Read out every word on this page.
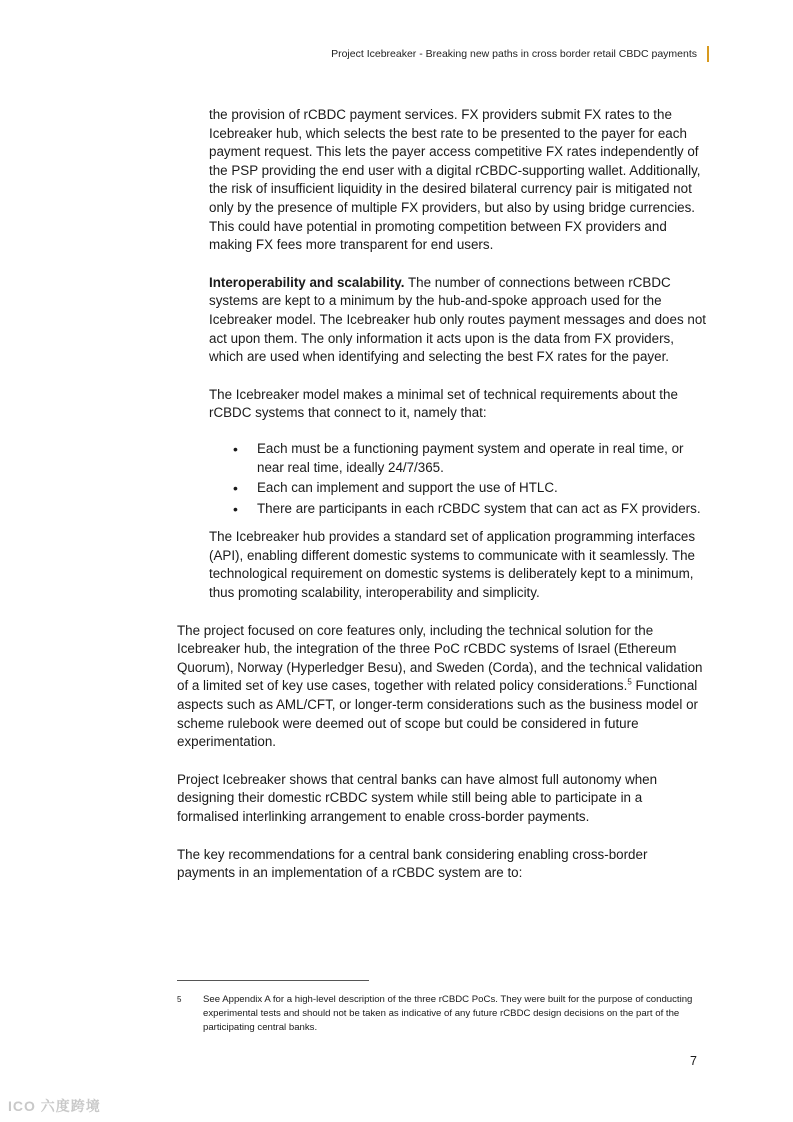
Project Icebreaker - Breaking new paths in cross border retail CBDC payments

the provision of rCBDC payment services. FX providers submit FX rates to the Icebreaker hub, which selects the best rate to be presented to the payer for each payment request. This lets the payer access competitive FX rates independently of the PSP providing the end user with a digital rCBDC-supporting wallet. Additionally, the risk of insufficient liquidity in the desired bilateral currency pair is mitigated not only by the presence of multiple FX providers, but also by using bridge currencies. This could have potential in promoting competition between FX providers and making FX fees more transparent for end users.

Interoperability and scalability. The number of connections between rCBDC systems are kept to a minimum by the hub-and-spoke approach used for the Icebreaker model. The Icebreaker hub only routes payment messages and does not act upon them. The only information it acts upon is the data from FX providers, which are used when identifying and selecting the best FX rates for the payer.

The Icebreaker model makes a minimal set of technical requirements about the rCBDC systems that connect to it, namely that:

• Each must be a functioning payment system and operate in real time, or near real time, ideally 24/7/365.
• Each can implement and support the use of HTLC.
• There are participants in each rCBDC system that can act as FX providers.

The Icebreaker hub provides a standard set of application programming interfaces (API), enabling different domestic systems to communicate with it seamlessly. The technological requirement on domestic systems is deliberately kept to a minimum, thus promoting scalability, interoperability and simplicity.

The project focused on core features only, including the technical solution for the Icebreaker hub, the integration of the three PoC rCBDC systems of Israel (Ethereum Quorum), Norway (Hyperledger Besu), and Sweden (Corda), and the technical validation of a limited set of key use cases, together with related policy considerations.$^5$ Functional aspects such as AML/CFT, or longer-term considerations such as the business model or scheme rulebook were deemed out of scope but could be considered in future experimentation.

Project Icebreaker shows that central banks can have almost full autonomy when designing their domestic rCBDC system while still being able to participate in a formalised interlinking arrangement to enable cross-border payments.

The key recommendations for a central bank considering enabling cross-border payments in an implementation of a rCBDC system are to:

5	See Appendix A for a high-level description of the three rCBDC PoCs. They were built for the purpose of conducting experimental tests and should not be taken as indicative of any future rCBDC design decisions on the part of the participating central banks.
7
ICO 六度跨境
